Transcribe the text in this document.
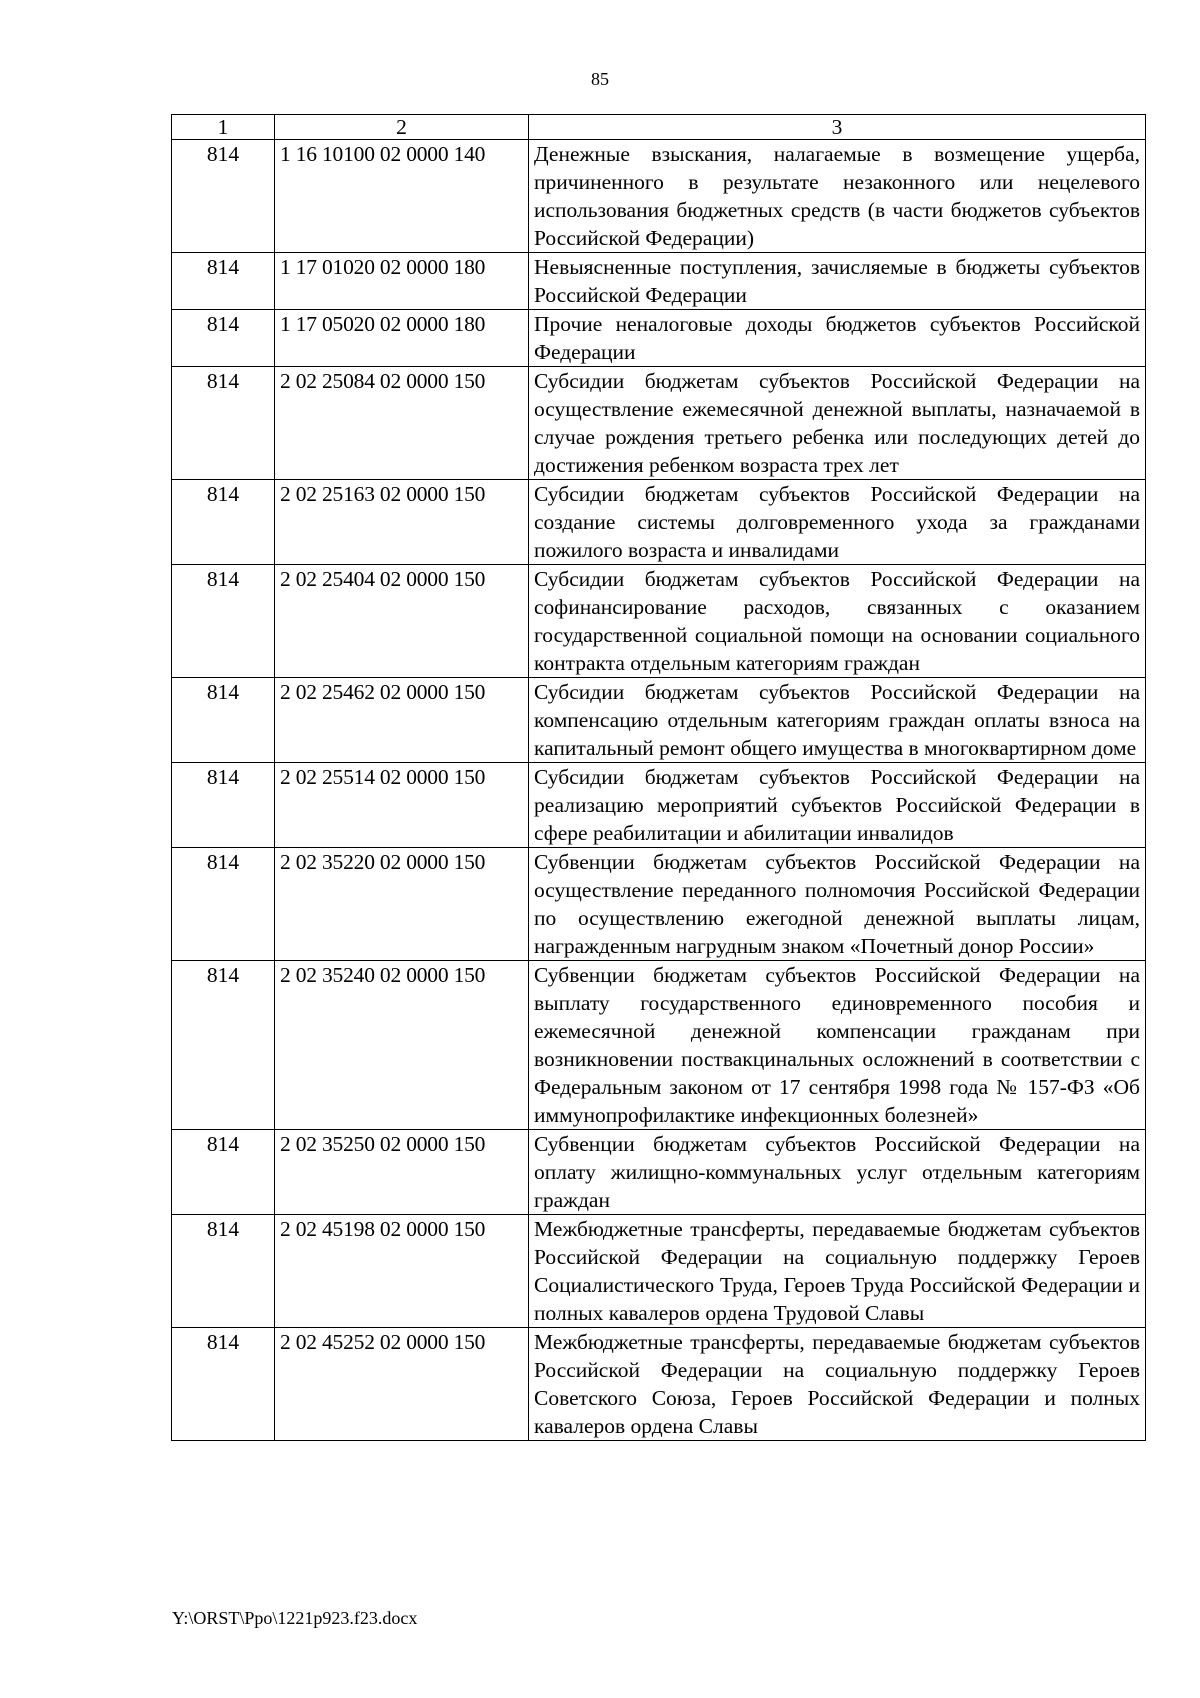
85
1	2	3
814	1 16 10100 02 0000 140	Денежные взыскания, налагаемые в возмещение ущерба, причиненного в результате незаконного или нецелевого использования бюджетных средств (в части бюджетов субъектов Российской Федерации)
814	1 17 01020 02 0000 180	Невыясненные поступления, зачисляемые в бюджеты субъектов Российской Федерации
814	1 17 05020 02 0000 180	Прочие неналоговые доходы бюджетов субъектов Российской Федерации
814	2 02 25084 02 0000 150	Субсидии бюджетам субъектов Российской Федерации на осуществление ежемесячной денежной выплаты, назначаемой в случае рождения третьего ребенка или последующих детей до достижения ребенком возраста трех лет
814	2 02 25163 02 0000 150	Субсидии бюджетам субъектов Российской Федерации на создание системы долговременного ухода за гражданами пожилого возраста и инвалидами
814	2 02 25404 02 0000 150	Субсидии бюджетам субъектов Российской Федерации на софинансирование расходов, связанных с оказанием государственной социальной помощи на основании социального контракта отдельным категориям граждан
814	2 02 25462 02 0000 150	Субсидии бюджетам субъектов Российской Федерации на компенсацию отдельным категориям граждан оплаты взноса на капитальный ремонт общего имущества в многоквартирном доме
814	2 02 25514 02 0000 150	Субсидии бюджетам субъектов Российской Федерации на реализацию мероприятий субъектов Российской Федерации в сфере реабилитации и абилитации инвалидов
814	2 02 35220 02 0000 150	Субвенции бюджетам субъектов Российской Федерации на осуществление переданного полномочия Российской Федерации по осуществлению ежегодной денежной выплаты лицам, награжденным нагрудным знаком «Почетный донор России»
814	2 02 35240 02 0000 150	Субвенции бюджетам субъектов Российской Федерации на выплату государственного единовременного пособия и ежемесячной денежной компенсации гражданам при возникновении поствакцинальных осложнений в соответствии с Федеральным законом от 17 сентября 1998 года № 157-ФЗ «Об иммунопрофилактике инфекционных болезней»
814	2 02 35250 02 0000 150	Субвенции бюджетам субъектов Российской Федерации на оплату жилищно-коммунальных услуг отдельным категориям граждан
814	2 02 45198 02 0000 150	Межбюджетные трансферты, передаваемые бюджетам субъектов Российской Федерации на социальную поддержку Героев Социалистического Труда, Героев Труда Российской Федерации и полных кавалеров ордена Трудовой Славы
814	2 02 45252 02 0000 150	Межбюджетные трансферты, передаваемые бюджетам субъектов Российской Федерации на социальную поддержку Героев Советского Союза, Героев Российской Федерации и полных кавалеров ордена Славы
Y:\ORST\Ppo\1221p923.f23.docx
